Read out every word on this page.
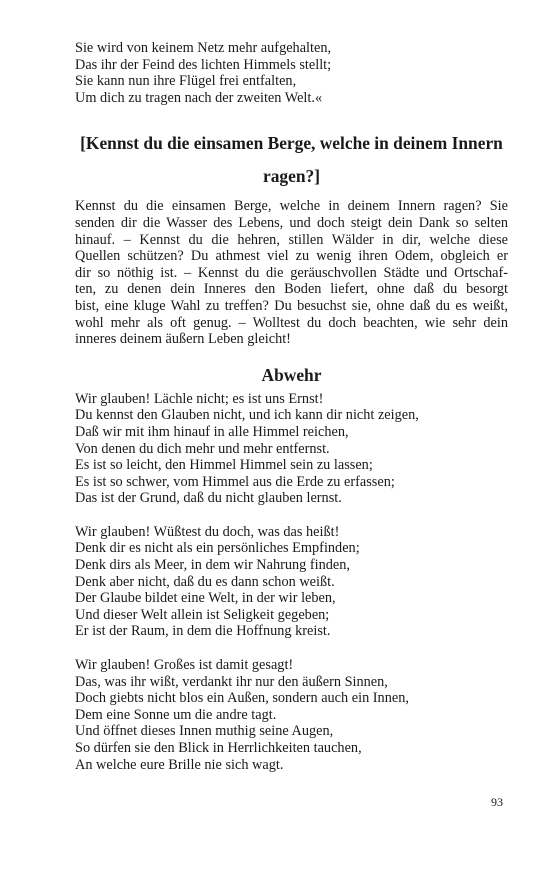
Sie wird von keinem Netz mehr aufgehalten,
Das ihr der Feind des lichten Himmels stellt;
Sie kann nun ihre Flügel frei entfalten,
Um dich zu tragen nach der zweiten Welt.«
[Kennst du die einsamen Berge, welche in deinem Innern
ragen?]
Kennst du die einsamen Berge, welche in deinem Innern ragen? Sie
senden dir die Wasser des Lebens, und doch steigt dein Dank so selten
hinauf. – Kennst du die hehren, stillen Wälder in dir, welche diese
Quellen schützen? Du athmest viel zu wenig ihren Odem, obgleich er
dir so nöthig ist. – Kennst du die geräuschvollen Städte und Ortschaf-
ten, zu denen dein Inneres den Boden liefert, ohne daß du besorgt
bist, eine kluge Wahl zu treffen? Du besuchst sie, ohne daß du es weißt,
wohl mehr als oft genug. – Wolltest du doch beachten, wie sehr dein
inneres deinem äußern Leben gleicht!
Abwehr
Wir glauben! Lächle nicht; es ist uns Ernst!
Du kennst den Glauben nicht, und ich kann dir nicht zeigen,
Daß wir mit ihm hinauf in alle Himmel reichen,
Von denen du dich mehr und mehr entfernst.
Es ist so leicht, den Himmel Himmel sein zu lassen;
Es ist so schwer, vom Himmel aus die Erde zu erfassen;
Das ist der Grund, daß du nicht glauben lernst.
Wir glauben! Wüßtest du doch, was das heißt!
Denk dir es nicht als ein persönliches Empfinden;
Denk dirs als Meer, in dem wir Nahrung finden,
Denk aber nicht, daß du es dann schon weißt.
Der Glaube bildet eine Welt, in der wir leben,
Und dieser Welt allein ist Seligkeit gegeben;
Er ist der Raum, in dem die Hoffnung kreist.
Wir glauben! Großes ist damit gesagt!
Das, was ihr wißt, verdankt ihr nur den äußern Sinnen,
Doch giebts nicht blos ein Außen, sondern auch ein Innen,
Dem eine Sonne um die andre tagt.
Und öffnet dieses Innen muthig seine Augen,
So dürfen sie den Blick in Herrlichkeiten tauchen,
An welche eure Brille nie sich wagt.
93
